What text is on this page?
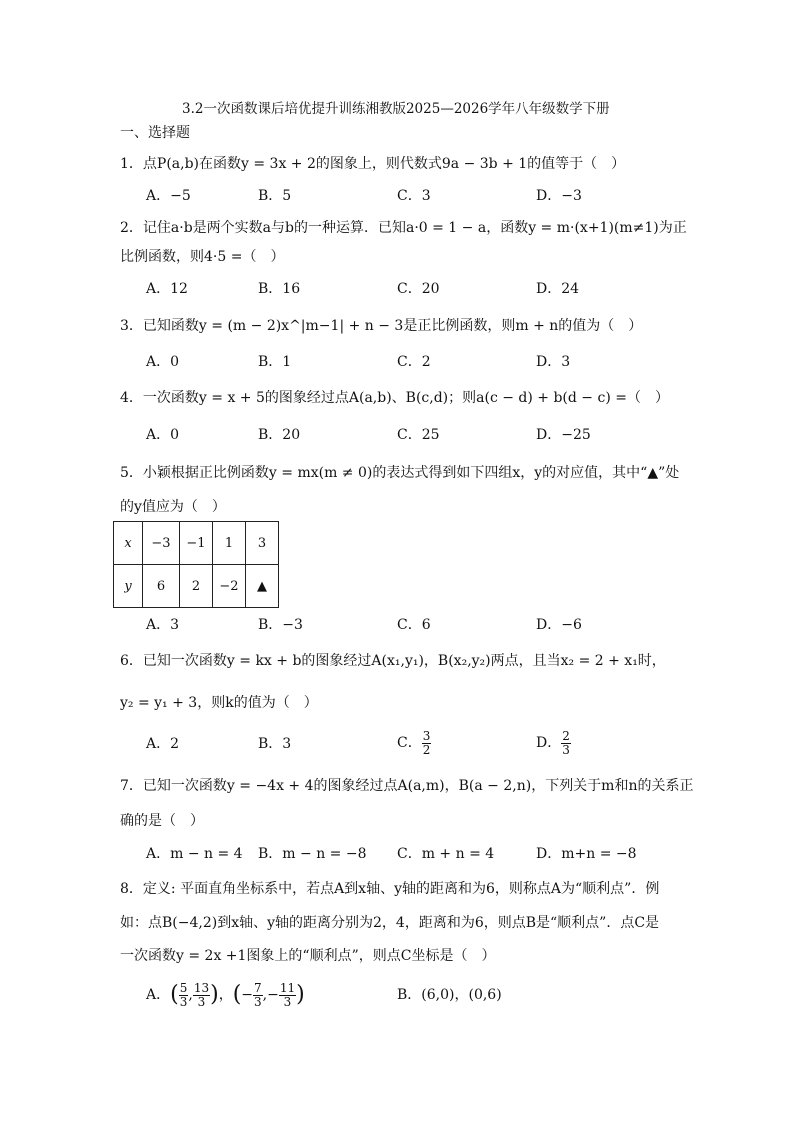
3.2一次函数课后培优提升训练湘教版2025—2026学年八年级数学下册
一、选择题
1．点P(a,b)在函数y = 3x + 2的图象上，则代数式9a − 3b + 1的值等于（　）
A．−5	B．5	C．3	D．−3
2．记住a·b是两个实数a与b的一种运算．已知a·0 = 1 − a，函数y = m·(x+1)(m≠1)为正
比例函数，则4·5 =（　）
A．12	B．16	C．20	D．24
3．已知函数y = (m − 2)x^|m−1| + n − 3是正比例函数，则m + n的值为（　）
A．0	B．1	C．2	D．3
4．一次函数y = x + 5的图象经过点A(a,b)、B(c,d)；则a(c − d) + b(d − c) =（　）
A．0	B．20	C．25	D．−25
5．小颖根据正比例函数y = mx(m ≠ 0)的表达式得到如下四组x，y的对应值，其中“▲”处
的y值应为（　）
x	−3	−1	1	3
y	6	2	−2	▲
A．3	B．−3	C．6	D．−6
6．已知一次函数y = kx + b的图象经过A(x₁,y₁)，B(x₂,y₂)两点，且当x₂ = 2 + x₁时，
y₂ = y₁ + 3，则k的值为（　）
A．2	B．3	C． $\frac{3}{2}$	D． $\frac{2}{3}$
7．已知一次函数y = −4x + 4的图象经过点A(a,m)，B(a − 2,n)，下列关于m和n的关系正
确的是（　）
A．m − n = 4 B．m − n = −8 C．m + n = 4	D．m+n = −8
8．定义: 平面直角坐标系中，若点A到x轴、y轴的距离和为6，则称点A为“顺利点”．例
如：点B(−4,2)到x轴、y轴的距离分别为2，4，距离和为6，则点B是“顺利点”．点C是
一次函数y = 2x +1图象上的“顺利点”，则点C坐标是（　）
A．( $\frac{5}{3}$ , $\frac{13}{3}$ )，(− $\frac{7}{3}$ ,− $\frac{11}{3}$ )	B．(6,0)，(0,6)
